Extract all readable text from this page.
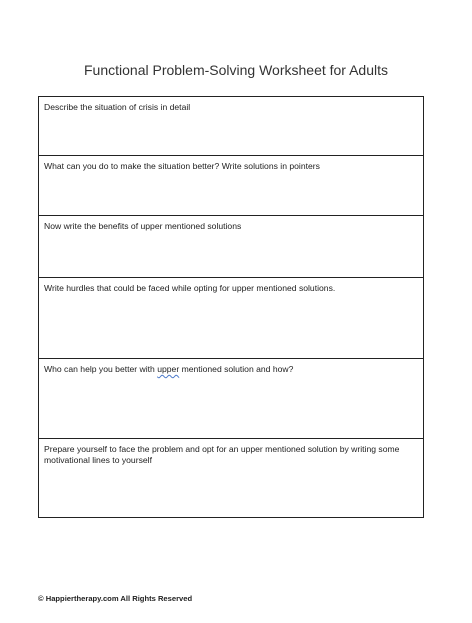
Functional Problem-Solving Worksheet for Adults
Describe the situation of crisis in detail
What can you do to make the situation better? Write solutions in pointers
Now write the benefits of upper mentioned solutions
Write hurdles that could be faced while opting for upper mentioned solutions.
Who can help you better with upper mentioned solution and how?
Prepare yourself to face the problem and opt for an upper mentioned solution by writing some motivational lines to yourself
© Happiertherapy.com All Rights Reserved
